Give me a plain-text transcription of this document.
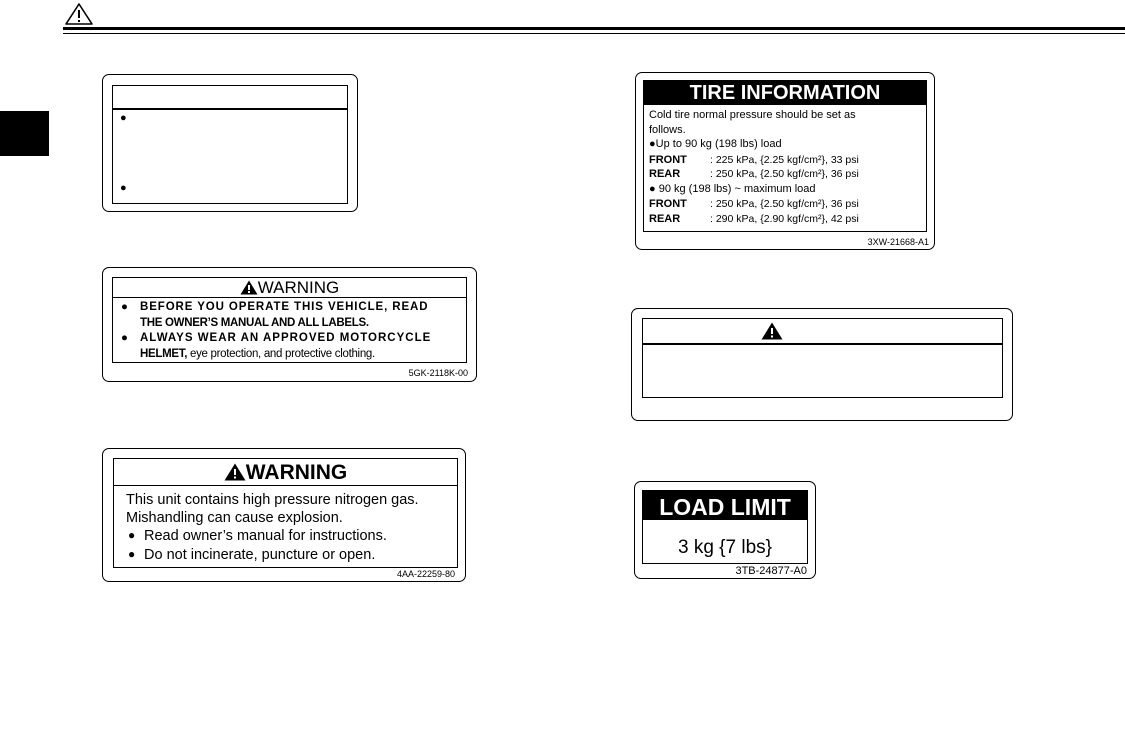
●
●
WARNING
● BEFORE YOU OPERATE THIS VEHICLE, READ
THE OWNER’S MANUAL AND ALL LABELS.
● ALWAYS WEAR AN APPROVED MOTORCYCLE
HELMET, eye protection, and protective clothing.
5GK-2118K-00
WARNING
This unit contains high pressure nitrogen gas.
Mishandling can cause explosion.
● Read owner’s manual for instructions.
● Do not incinerate, puncture or open.
4AA-22259-80
TIRE INFORMATION
Cold tire normal pressure should be set as
follows.
●Up to 90 kg (198 lbs) load
FRONT : 225 kPa, {2.25 kgf/cm²}, 33 psi
REAR	: 250 kPa, {2.50 kgf/cm²}, 36 psi
● 90 kg (198 lbs) ~ maximum load
FRONT : 250 kPa, {2.50 kgf/cm²}, 36 psi
REAR	: 290 kPa, {2.90 kgf/cm²}, 42 psi
3XW-21668-A1
LOAD LIMIT
3 kg {7 lbs}
3TB-24877-A0
